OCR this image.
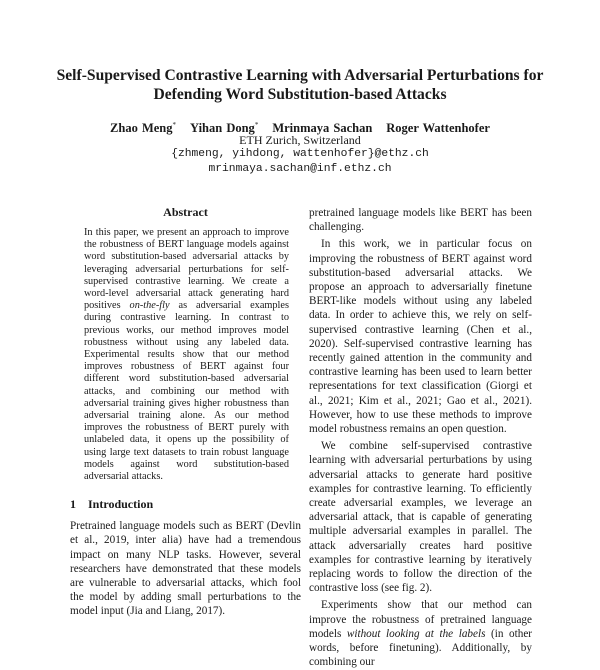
Self-Supervised Contrastive Learning with Adversarial Perturbations for
Defending Word Substitution-based Attacks
Zhao Meng* Yihan Dong* Mrinmaya Sachan Roger Wattenhofer
ETH Zurich, Switzerland
{zhmeng, yihdong, wattenhofer}@ethz.ch
mrinmaya.sachan@inf.ethz.ch
Abstract

In this paper, we present an approach to improve the robustness of BERT language models against word substitution-based adversarial attacks by leveraging adversarial perturbations for self-supervised contrastive learning. We create a word-level adversarial attack generating hard positives on-the-fly as adversarial examples during contrastive learning. In contrast to previous works, our method improves model robustness without using any labeled data. Experimental results show that our method improves robustness of BERT against four different word substitution-based adversarial attacks, and combining our method with adversarial training gives higher robustness than adversarial training alone. As our method improves the robustness of BERT purely with unlabeled data, it opens up the possibility of using large text datasets to train robust language models against word substitution-based adversarial attacks.

1 Introduction

Pretrained language models such as BERT (Devlin et al., 2019, inter alia) have had a tremendous impact on many NLP tasks. However, several researchers have demonstrated that these models are vulnerable to adversarial attacks, which fool the model by adding small perturbations to the model input (Jia and Liang, 2017).

pretrained language models like BERT has been challenging.

In this work, we in particular focus on improving the robustness of BERT against word substitution-based adversarial attacks. We propose an approach to adversarially finetune BERT-like models without using any labeled data. In order to achieve this, we rely on self-supervised contrastive learning (Chen et al., 2020). Self-supervised contrastive learning has recently gained attention in the community and contrastive learning has been used to learn better representations for text classification (Giorgi et al., 2021; Kim et al., 2021; Gao et al., 2021). However, how to use these methods to improve model robustness remains an open question.

We combine self-supervised contrastive learning with adversarial perturbations by using adversarial attacks to generate hard positive examples for contrastive learning. To efficiently create adversarial examples, we leverage an adversarial attack, that is capable of generating multiple adversarial examples in parallel. The attack adversarially creates hard positive examples for contrastive learning by iteratively replacing words to follow the direction of the contrastive loss (see fig. 2).

Experiments show that our method can improve the robustness of pretrained language models without looking at the labels (in other words, before finetuning). Additionally, by combining our
